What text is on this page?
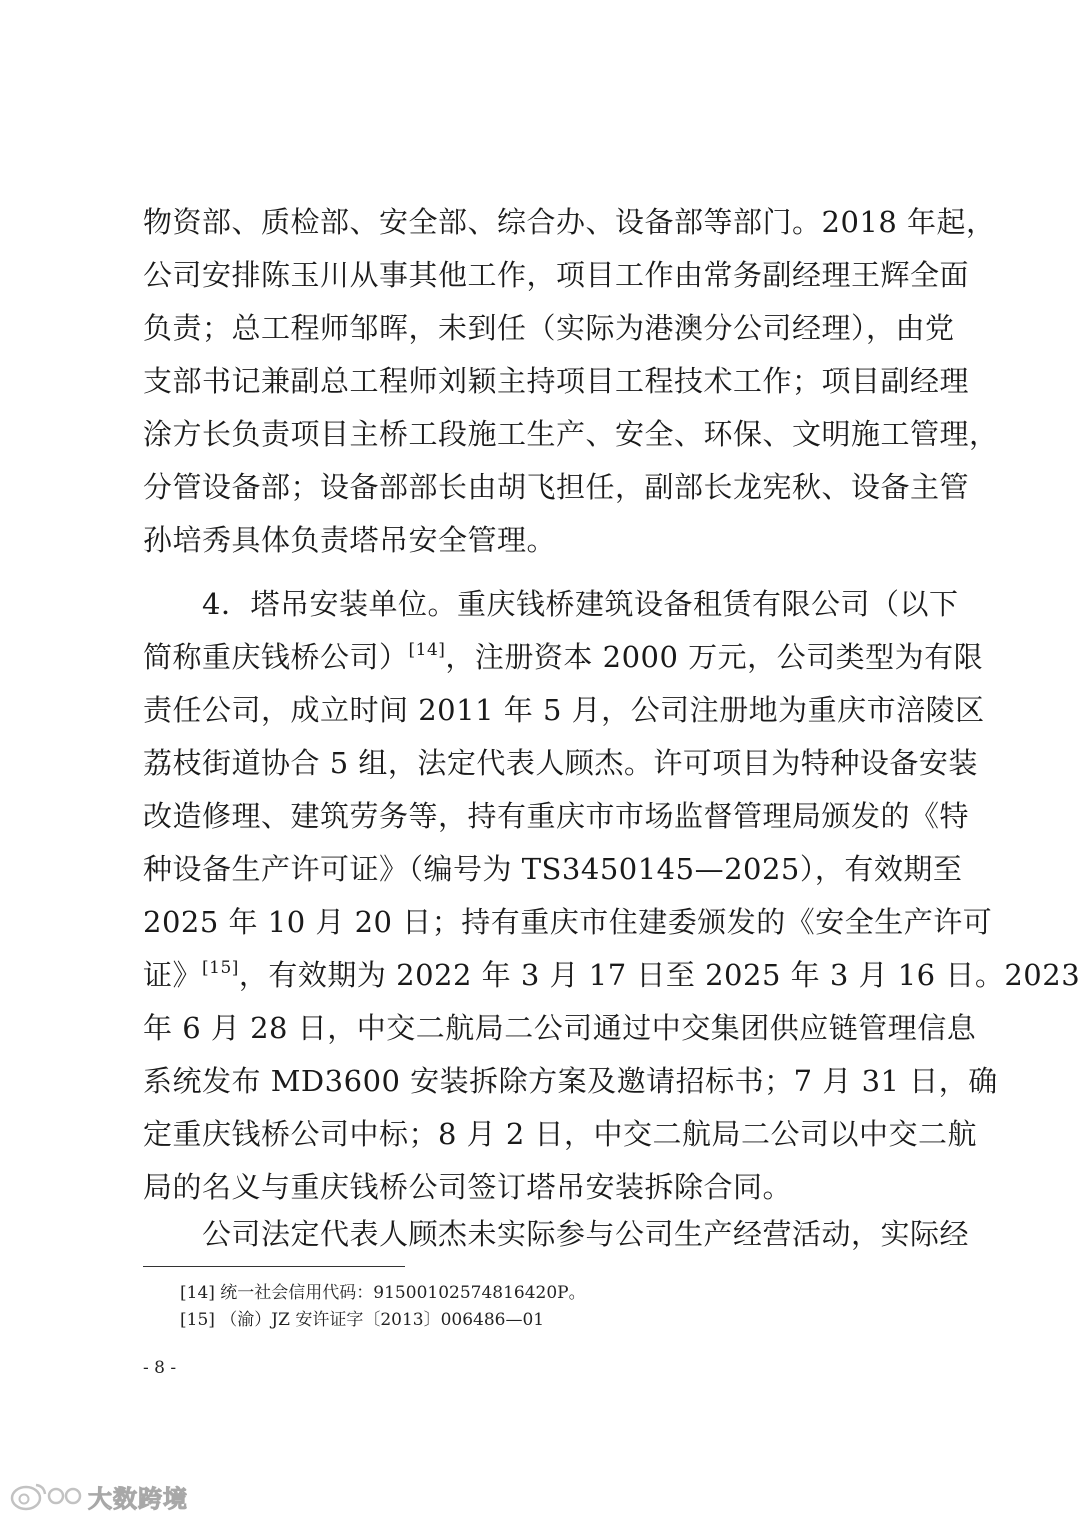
物资部、质检部、安全部、综合办、设备部等部门。2018 年起，
公司安排陈玉川从事其他工作，项目工作由常务副经理王辉全面
负责；总工程师邹晖，未到任（实际为港澳分公司经理），由党
支部书记兼副总工程师刘颖主持项目工程技术工作；项目副经理
涂方长负责项目主桥工段施工生产、安全、环保、文明施工管理，
分管设备部；设备部部长由胡飞担任，副部长龙宪秋、设备主管
孙培秀具体负责塔吊安全管理。
4．塔吊安装单位。重庆钱桥建筑设备租赁有限公司（以下
简称重庆钱桥公司）[14]，注册资本 2000 万元，公司类型为有限
责任公司，成立时间 2011 年 5 月，公司注册地为重庆市涪陵区
荔枝街道协合 5 组，法定代表人顾杰。许可项目为特种设备安装
改造修理、建筑劳务等，持有重庆市市场监督管理局颁发的《特
种设备生产许可证》（编号为 TS3450145—2025），有效期至
2025 年 10 月 20 日；持有重庆市住建委颁发的《安全生产许可
证》[15]，有效期为 2022 年 3 月 17 日至 2025 年 3 月 16 日。2023
年 6 月 28 日，中交二航局二公司通过中交集团供应链管理信息
系统发布 MD3600 安装拆除方案及邀请招标书；7 月 31 日，确
定重庆钱桥公司中标；8 月 2 日，中交二航局二公司以中交二航
局的名义与重庆钱桥公司签订塔吊安装拆除合同。
公司法定代表人顾杰未实际参与公司生产经营活动，实际经
[14] 统一社会信用代码：91500102574816420P。
[15] （渝）JZ 安许证字〔2013〕006486—01
- 8 -
大数跨境
